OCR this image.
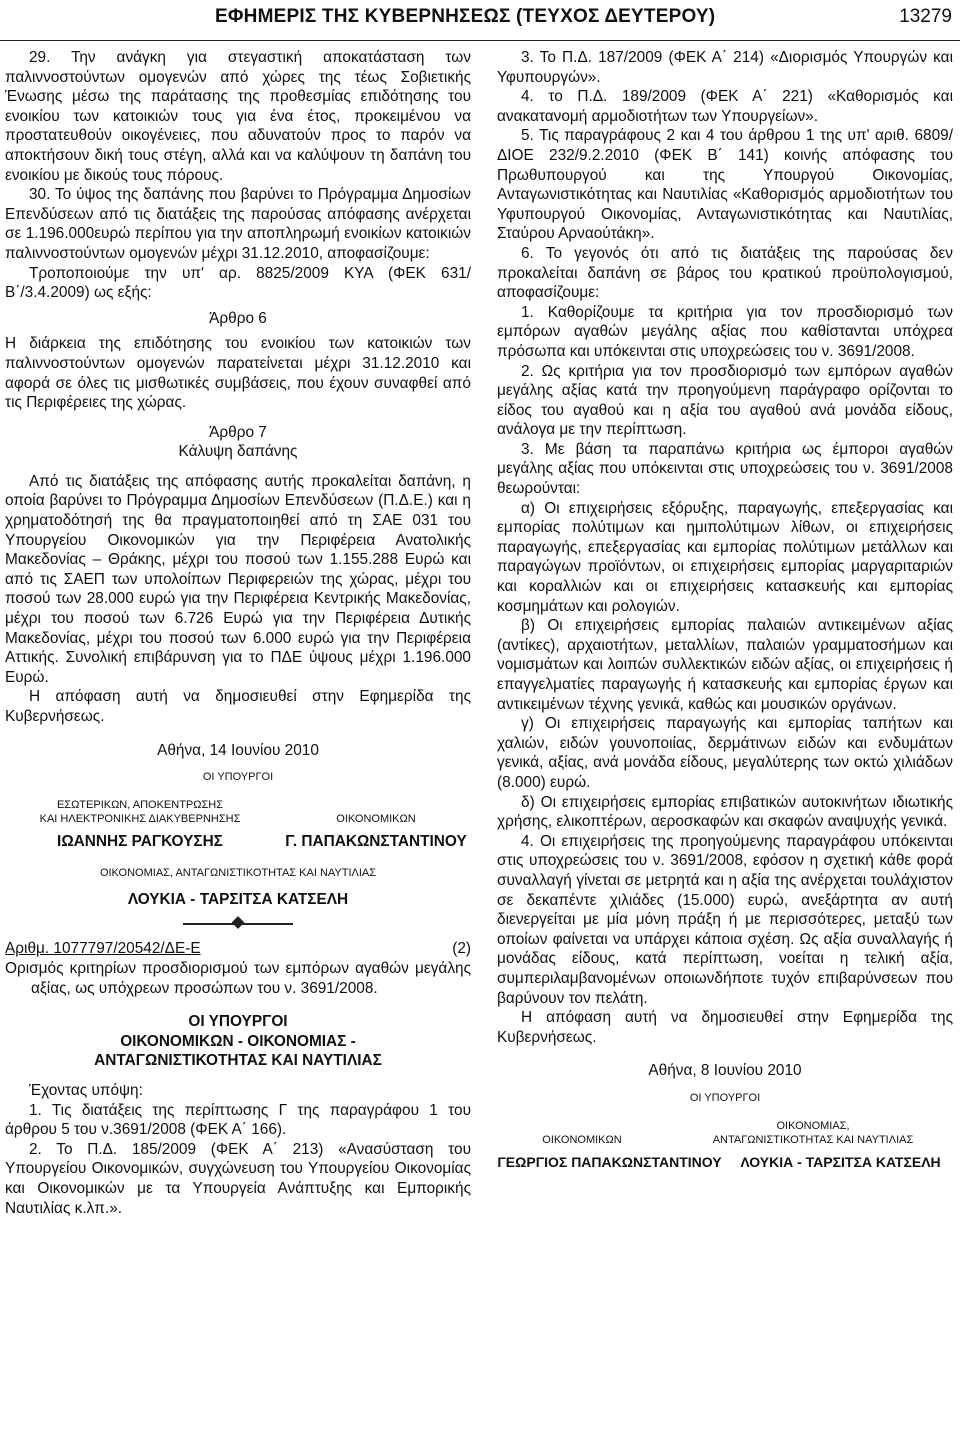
ΕΦΗΜΕΡΙΣ ΤΗΣ ΚΥΒΕΡΝΗΣΕΩΣ (ΤΕΥΧΟΣ ΔΕΥΤΕΡΟΥ)	13279

29. Την ανάγκη για στεγαστική αποκατάσταση των παλιννοστούντων ομογενών από χώρες της τέως Σοβιετικής Ένωσης μέσω της παράτασης της προθεσμίας επιδότησης του ενοικίου των κατοικιών τους για ένα έτος, προκειμένου να προστατευθούν οικογένειες, που αδυνατούν προς το παρόν να αποκτήσουν δική τους στέγη, αλλά και να καλύψουν τη δαπάνη του ενοικίου με δικούς τους πόρους.

30. Το ύψος της δαπάνης που βαρύνει το Πρόγραμμα Δημοσίων Επενδύσεων από τις διατάξεις της παρούσας απόφασης ανέρχεται σε 1.196.000ευρώ περίπου για την αποπληρωμή ενοικίων κατοικιών παλιννοστούντων ομογενών μέχρι 31.12.2010, αποφασίζουμε:

Τροποποιούμε την υπ' αρ. 8825/2009 ΚΥΑ (ΦΕΚ 631/ Β΄/3.4.2009) ως εξής:

Άρθρο 6

Η διάρκεια της επιδότησης του ενοικίου των κατοικιών των παλιννοστούντων ομογενών παρατείνεται μέχρι 31.12.2010 και αφορά σε όλες τις μισθωτικές συμβάσεις, που έχουν συναφθεί από τις Περιφέρειες της χώρας.

Άρθρο 7

Κάλυψη δαπάνης

Από τις διατάξεις της απόφασης αυτής προκαλείται δαπάνη, η οποία βαρύνει το Πρόγραμμα Δημοσίων Επενδύσεων (Π.Δ.Ε.) και η χρηματοδότησή της θα πραγματοποιηθεί από τη ΣΑΕ 031 του Υπουργείου Οικονομικών για την Περιφέρεια Ανατολικής Μακεδονίας – Θράκης, μέχρι του ποσού των 1.155.288 Ευρώ και από τις ΣΑΕΠ των υπολοίπων Περιφερειών της χώρας, μέχρι του ποσού των 28.000 ευρώ για την Περιφέρεια Κεντρικής Μακεδονίας, μέχρι του ποσού των 6.726 Ευρώ για την Περιφέρεια Δυτικής Μακεδονίας, μέχρι του ποσού των 6.000 ευρώ για την Περιφέρεια Αττικής. Συνολική επιβάρυνση για το ΠΔΕ ύψους μέχρι 1.196.000 Ευρώ.

Η απόφαση αυτή να δημοσιευθεί στην Εφημερίδα της Κυβερνήσεως.

Αθήνα, 14 Ιουνίου 2010

ΟΙ ΥΠΟΥΡΓΟΙ

ΕΣΩΤΕΡΙΚΩΝ, ΑΠΟΚΕΝΤΡΩΣΗΣ
ΚΑΙ ΗΛΕΚΤΡΟΝΙΚΗΣ ΔΙΑΚΥΒΕΡΝΗΣΗΣ	ΟΙΚΟΝΟΜΙΚΩΝ
ΙΩΑΝΝΗΣ ΡΑΓΚΟΥΣΗΣ	Γ. ΠΑΠΑΚΩΝΣΤΑΝΤΙΝΟΥ

ΟΙΚΟΝΟΜΙΑΣ, ΑΝΤΑΓΩΝΙΣΤΙΚΟΤΗΤΑΣ ΚΑΙ ΝΑΥΤΙΛΙΑΣ

ΛΟΥΚΙΑ - ΤΑΡΣΙΤΣΑ ΚΑΤΣΕΛΗ

Αριθμ. 1077797/20542/ΔΕ-Ε	(2)

Ορισμός κριτηρίων προσδιορισμού των εμπόρων αγαθών μεγάλης αξίας, ως υπόχρεων προσώπων του ν. 3691/2008.

ΟΙ ΥΠΟΥΡΓΟΙ

ΟΙΚΟΝΟΜΙΚΩΝ - ΟΙΚΟΝΟΜΙΑΣ -

ΑΝΤΑΓΩΝΙΣΤΙΚΟΤΗΤΑΣ ΚΑΙ ΝΑΥΤΙΛΙΑΣ

Έχοντας υπόψη:

1. Τις διατάξεις της περίπτωσης Γ της παραγράφου 1 του άρθρου 5 του ν.3691/2008 (ΦΕΚ Α΄ 166).

2. Το Π.Δ. 185/2009 (ΦΕΚ Α΄ 213) «Ανασύσταση του Υπουργείου Οικονομικών, συγχώνευση του Υπουργείου Οικονομίας και Οικονομικών με τα Υπουργεία Ανάπτυξης και Εμπορικής Ναυτιλίας κ.λπ.».

3. Το Π.Δ. 187/2009 (ΦΕΚ Α΄ 214) «Διορισμός Υπουργών και Υφυπουργών».

4. το Π.Δ. 189/2009 (ΦΕΚ Α΄ 221) «Καθορισμός και ανακατανομή αρμοδιοτήτων των Υπουργείων».

5. Τις παραγράφους 2 και 4 του άρθρου 1 της υπ' αριθ. 6809/ΔΙΟΕ 232/9.2.2010 (ΦΕΚ Β΄ 141) κοινής απόφασης του Πρωθυπουργού και της Υπουργού Οικονομίας, Ανταγωνιστικότητας και Ναυτιλίας «Καθορισμός αρμοδιοτήτων του Υφυπουργού Οικονομίας, Ανταγωνιστικότητας και Ναυτιλίας, Σταύρου Αρναούτάκη».

6. Το γεγονός ότι από τις διατάξεις της παρούσας δεν προκαλείται δαπάνη σε βάρος του κρατικού προϋπολογισμού, αποφασίζουμε:

1. Καθορίζουμε τα κριτήρια για τον προσδιορισμό των εμπόρων αγαθών μεγάλης αξίας που καθίστανται υπόχρεα πρόσωπα και υπόκεινται στις υποχρεώσεις του ν. 3691/2008.

2. Ως κριτήρια για τον προσδιορισμό των εμπόρων αγαθών μεγάλης αξίας κατά την προηγούμενη παράγραφο ορίζονται το είδος του αγαθού και η αξία του αγαθού ανά μονάδα είδους, ανάλογα με την περίπτωση.

3. Με βάση τα παραπάνω κριτήρια ως έμπoροι αγαθών μεγάλης αξίας που υπόκεινται στις υποχρεώσεις του ν. 3691/2008 θεωρούνται:

α) Οι επιχειρήσεις εξόρυξης, παραγωγής, επεξεργασίας και εμπορίας πολύτιμων και ημιπολύτιμων λίθων, οι επιχειρήσεις παραγωγής, επεξεργασίας και εμπορίας πολύτιμων μετάλλων και παραγώγων προϊόντων, οι επιχειρήσεις εμπορίας μαργαριταριών και κοραλλιών και οι επιχειρήσεις κατασκευής και εμπορίας κοσμημάτων και ρολογιών.

β) Οι επιχειρήσεις εμπορίας παλαιών αντικειμένων αξίας (αντίκες), αρχαιοτήτων, μεταλλίων, παλαιών γραμματοσήμων και νομισμάτων και λοιπών συλλεκτικών ειδών αξίας, οι επιχειρήσεις ή επαγγελματίες παραγωγής ή κατασκευής και εμπορίας έργων και αντικειμένων τέχνης γενικά, καθώς και μουσικών οργάνων.

γ) Οι επιχειρήσεις παραγωγής και εμπορίας ταπήτων και χαλιών, ειδών γουνοποιίας, δερμάτινων ειδών και ενδυμάτων γενικά, αξίας, ανά μονάδα είδους, μεγαλύτερης των οκτώ χιλιάδων (8.000) ευρώ.

δ) Οι επιχειρήσεις εμπορίας επιβατικών αυτοκινήτων ιδιωτικής χρήσης, ελικοπτέρων, αεροσκαφών και σκαφών αναψυχής γενικά.

4. Οι επιχειρήσεις της προηγούμενης παραγράφου υπόκεινται στις υποχρεώσεις του ν. 3691/2008, εφόσον η σχετική κάθε φορά συναλλαγή γίνεται σε μετρητά και η αξία της ανέρχεται τουλάχιστον σε δεκαπέντε χιλιάδες (15.000) ευρώ, ανεξάρτητα αν αυτή διενεργείται με μία μόνη πράξη ή με περισσότερες, μεταξύ των οποίων φαίνεται να υπάρχει κάποια σχέση. Ως αξία συναλλαγής ή μονάδας είδους, κατά περίπτωση, νοείται η τελική αξία, συμπεριλαμβανομένων οποιωνδήποτε τυχόν επιβαρύνσεων που βαρύνουν τον πελάτη.

Η απόφαση αυτή να δημοσιευθεί στην Εφημερίδα της Κυβερνήσεως.

Αθήνα, 8 Ιουνίου 2010

ΟΙ ΥΠΟΥΡΓΟΙ

ΟΙΚΟΝΟΜΙΚΩΝ
ΟΙΚΟΝΟΜΙΑΣ,
ΑΝΤΑΓΩΝΙΣΤΙΚΟΤΗΤΑΣ ΚΑΙ ΝΑΥΤΙΛΙΑΣ
ΓΕΩΡΓΙΟΣ ΠΑΠΑΚΩΝΣΤΑΝΤΙΝΟΥ	ΛΟΥΚΙΑ - ΤΑΡΣΙΤΣΑ ΚΑΤΣΕΛΗ
